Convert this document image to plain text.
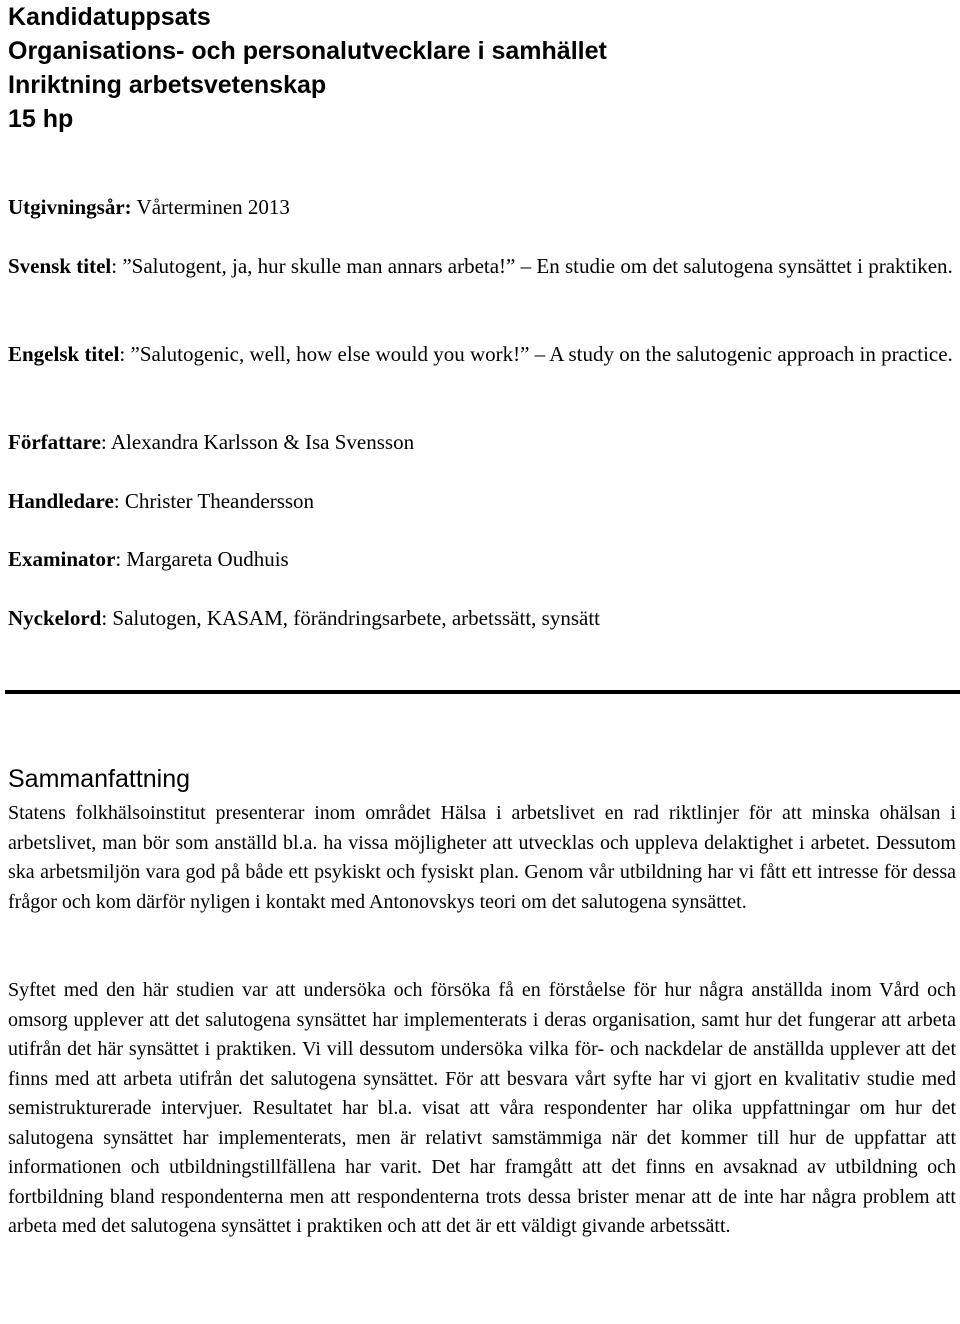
Kandidatuppsats
Organisations- och personalutvecklare i samhället
Inriktning arbetsvetenskap
15 hp

Utgivningsår: Vårterminen 2013

Svensk titel: ”Salutogent, ja, hur skulle man annars arbeta!” – En studie om det salutogena synsättet i praktiken.

Engelsk titel: ”Salutogenic, well, how else would you work!” – A study on the salutogenic approach in practice.

Författare: Alexandra Karlsson & Isa Svensson

Handledare: Christer Theandersson

Examinator: Margareta Oudhuis

Nyckelord: Salutogen, KASAM, förändringsarbete, arbetssätt, synsätt

Sammanfattning

Statens folkhälsoinstitut presenterar inom området Hälsa i arbetslivet en rad riktlinjer för att minska ohälsan i arbetslivet, man bör som anställd bl.a. ha vissa möjligheter att utvecklas och uppleva delaktighet i arbetet. Dessutom ska arbetsmiljön vara god på både ett psykiskt och fysiskt plan. Genom vår utbildning har vi fått ett intresse för dessa frågor och kom därför nyligen i kontakt med Antonovskys teori om det salutogena synsättet.

Syftet med den här studien var att undersöka och försöka få en förståelse för hur några anställda inom Vård och omsorg upplever att det salutogena synsättet har implementerats i deras organisation, samt hur det fungerar att arbeta utifrån det här synsättet i praktiken. Vi vill dessutom undersöka vilka för- och nackdelar de anställda upplever att det finns med att arbeta utifrån det salutogena synsättet. För att besvara vårt syfte har vi gjort en kvalitativ studie med semistrukturerade intervjuer. Resultatet har bl.a. visat att våra respondenter har olika uppfattningar om hur det salutogena synsättet har implementerats, men är relativt samstämmiga när det kommer till hur de uppfattar att informationen och utbildningstillfällena har varit. Det har framgått att det finns en avsaknad av utbildning och fortbildning bland respondenterna men att respondenterna trots dessa brister menar att de inte har några problem att arbeta med det salutogena synsättet i praktiken och att det är ett väldigt givande arbetssätt.
